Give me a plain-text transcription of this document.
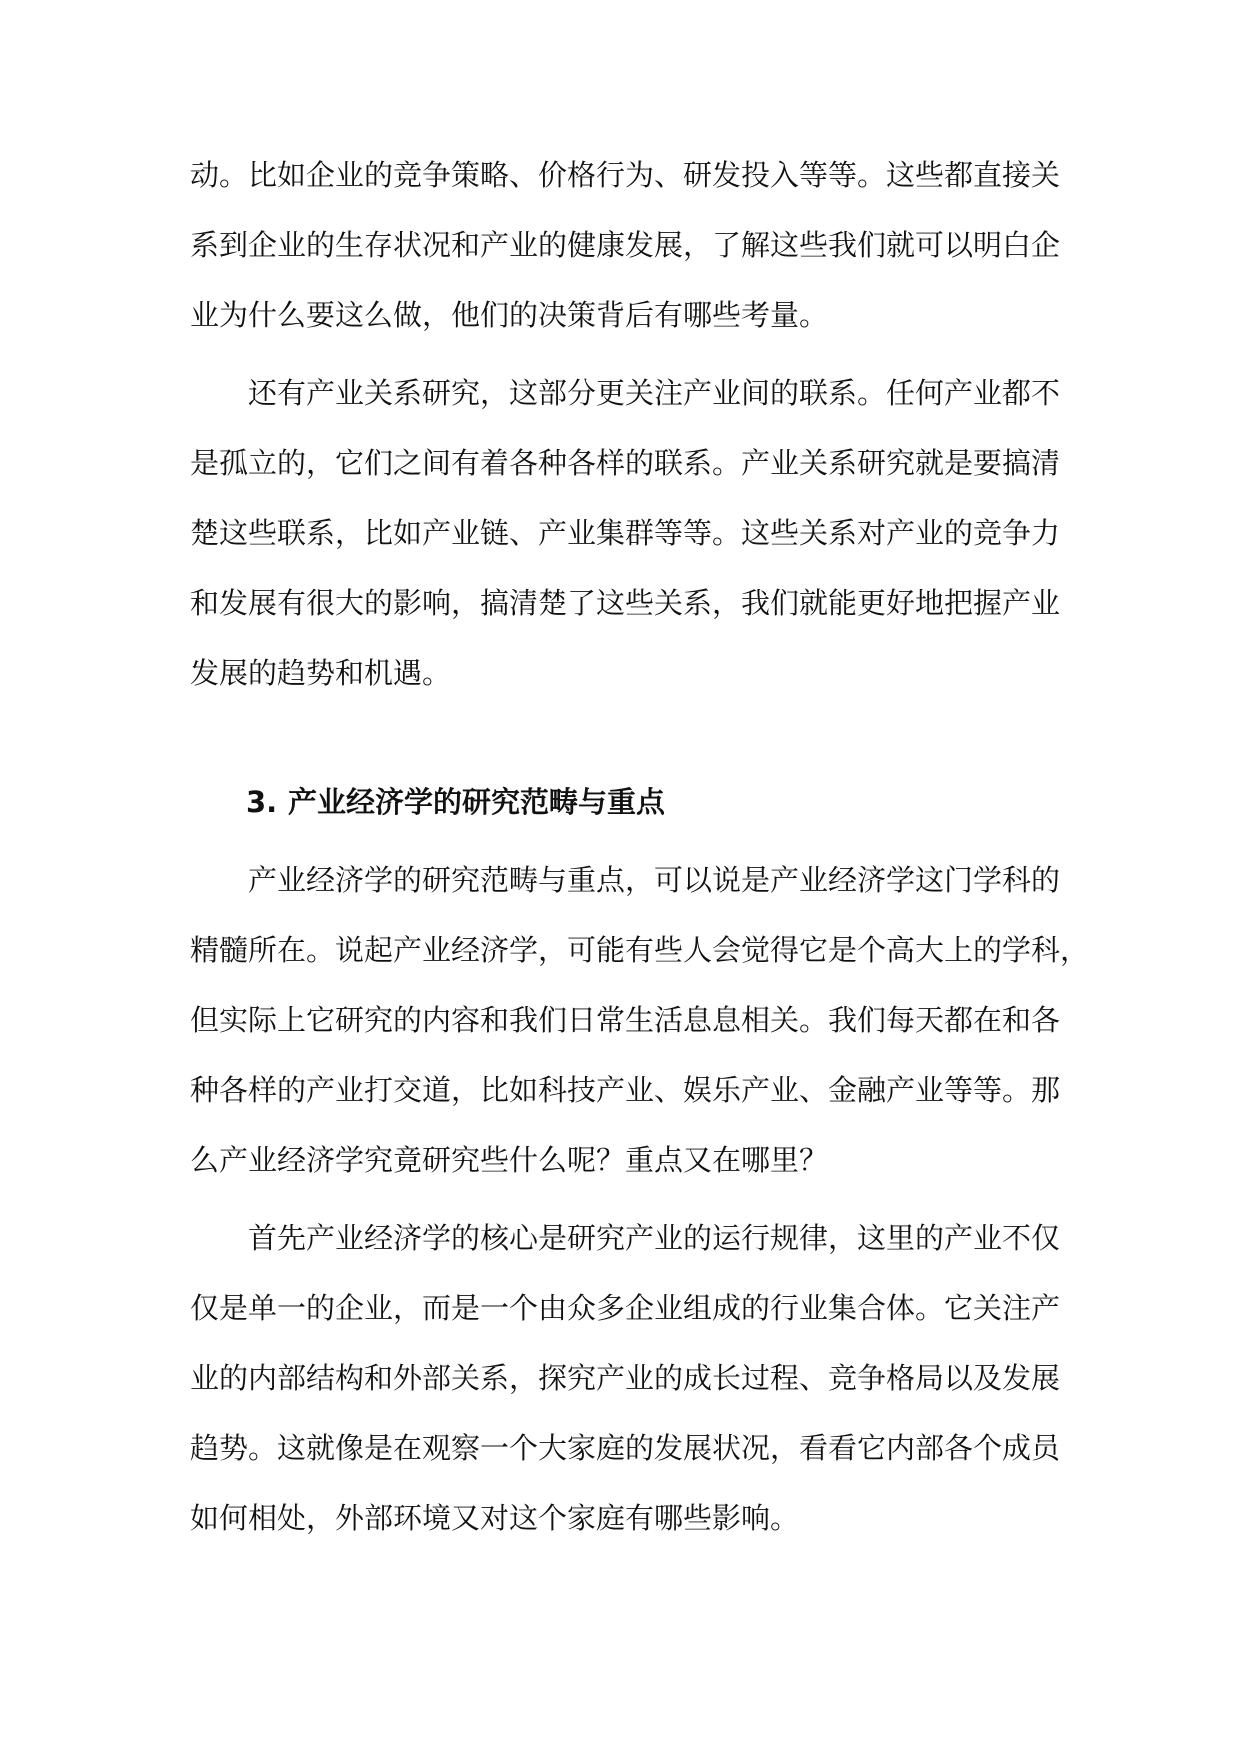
动。比如企业的竞争策略、价格行为、研发投入等等。这些都直接关
系到企业的生存状况和产业的健康发展，了解这些我们就可以明白企
业为什么要这么做，他们的决策背后有哪些考量。
还有产业关系研究，这部分更关注产业间的联系。任何产业都不
是孤立的，它们之间有着各种各样的联系。产业关系研究就是要搞清
楚这些联系，比如产业链、产业集群等等。这些关系对产业的竞争力
和发展有很大的影响，搞清楚了这些关系，我们就能更好地把握产业
发展的趋势和机遇。
3. 产业经济学的研究范畴与重点
产业经济学的研究范畴与重点，可以说是产业经济学这门学科的
精髓所在。说起产业经济学，可能有些人会觉得它是个高大上的学科，
但实际上它研究的内容和我们日常生活息息相关。我们每天都在和各
种各样的产业打交道，比如科技产业、娱乐产业、金融产业等等。那
么产业经济学究竟研究些什么呢？重点又在哪里？
首先产业经济学的核心是研究产业的运行规律，这里的产业不仅
仅是单一的企业，而是一个由众多企业组成的行业集合体。它关注产
业的内部结构和外部关系，探究产业的成长过程、竞争格局以及发展
趋势。这就像是在观察一个大家庭的发展状况，看看它内部各个成员
如何相处，外部环境又对这个家庭有哪些影响。
